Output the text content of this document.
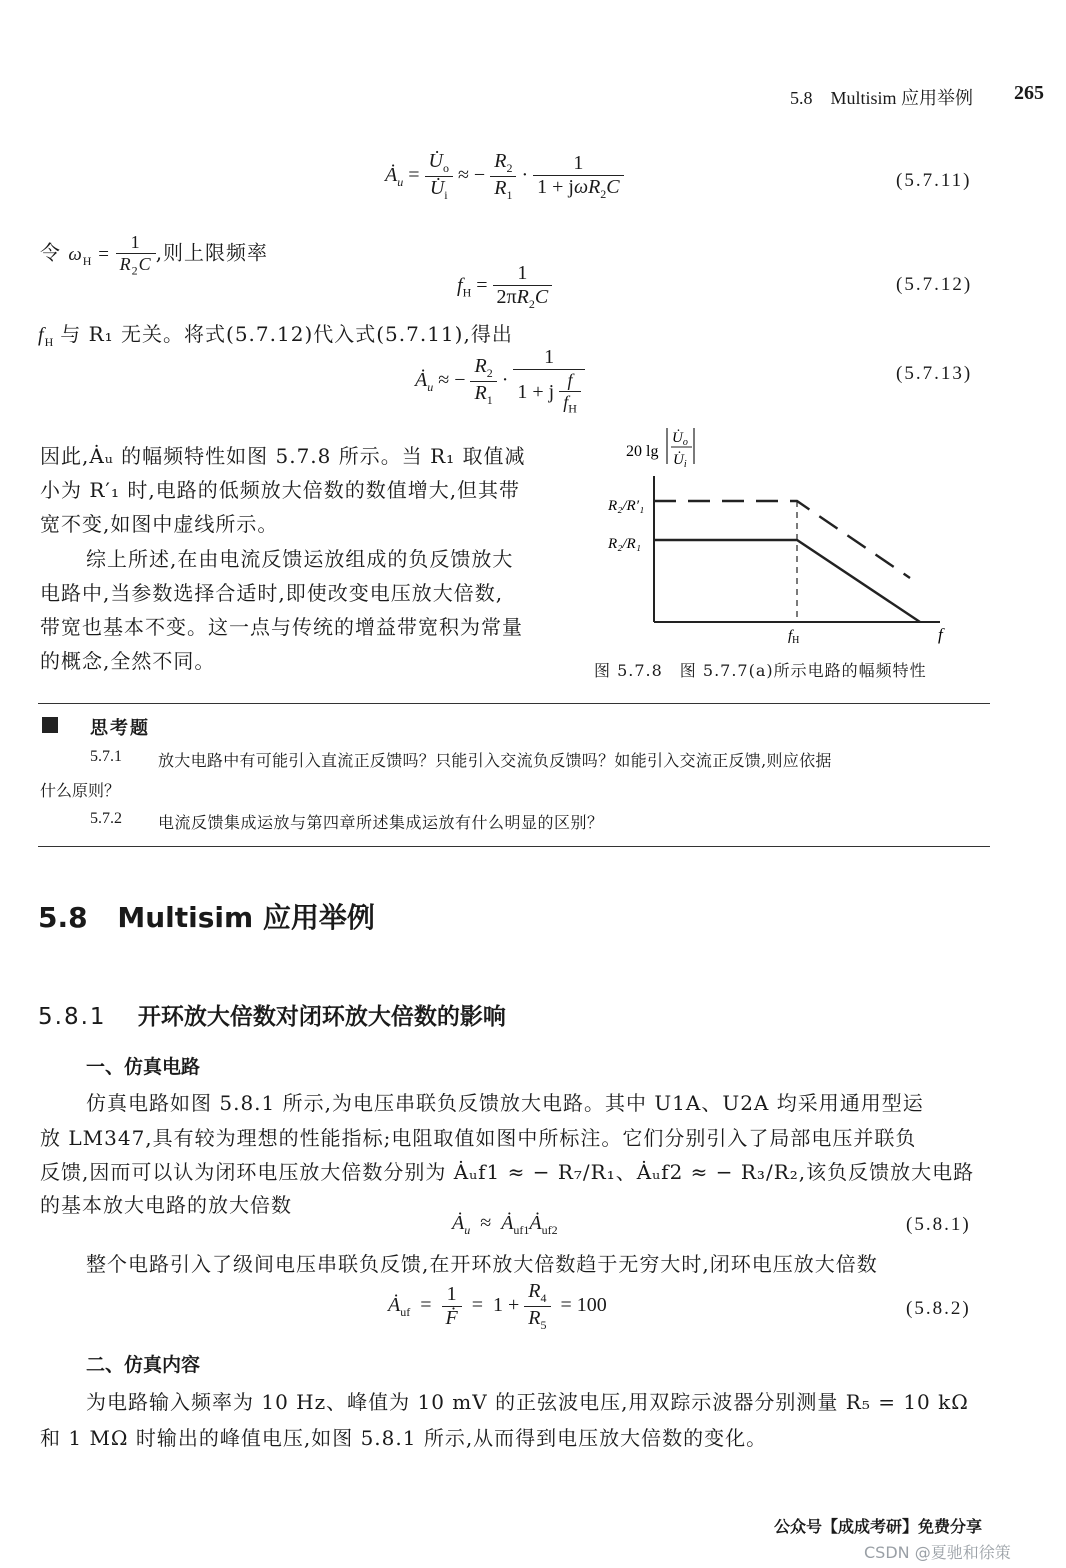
5.8　Multisim 应用举例 265
$Ȧ_u = \frac{U̇_o}{U̇_i}$ ≈ − $\frac{R_2}{R_1} \cdot \frac{1}{1 + j\omega R_2C}$	(5.7.11)
令 $\omega_H = \frac{1}{R_2C}$ ,则上限频率
$f_H = \frac{1}{2\pi R_2C}$	(5.7.12)
$f_H$ 与 R₁ 无关。将式(5.7.12)代入式(5.7.11),得出
$Ȧ_u$ ≈ − $\frac{R_2}{R_1} \cdot \frac{1}{1 + j \frac{f}{f_H}}$	(5.7.13)
因此,Ȧᵤ 的幅频特性如图 5.7.8 所示。当 R₁ 取值减
小为 R′₁ 时,电路的低频放大倍数的数值增大,但其带
宽不变,如图中虚线所示。
综上所述,在由电流反馈运放组成的负反馈放大
电路中,当参数选择合适时,即使改变电压放大倍数,
带宽也基本不变。这一点与传统的增益带宽积为常量
的概念,全然不同。
20 lg
$U̇_o$
$U̇_i$
R₂/R′₁
R₂/R₁
$f_H$	f
图 5.7.8　图 5.7.7(a)所示电路的幅频特性
思考题
5.7.1 放大电路中有可能引入直流正反馈吗？只能引入交流负反馈吗？如能引入交流正反馈,则应依据
什么原则？
5.7.2 电流反馈集成运放与第四章所述集成运放有什么明显的区别？
5.8 Multisim 应用举例
5.8.1 开环放大倍数对闭环放大倍数的影响
一、仿真电路
仿真电路如图 5.8.1 所示,为电压串联负反馈放大电路。其中 U1A、U2A 均采用通用型运
放 LM347,具有较为理想的性能指标;电阻取值如图中所标注。它们分别引入了局部电压并联负
反馈,因而可以认为闭环电压放大倍数分别为 Ȧᵤf1 ≈ − R₇/R₁、Ȧᵤf2 ≈ − R₃/R₂,该负反馈放大电路
的基本放大电路的放大倍数
$Ȧ_u$  ≈  $Ȧ_{uf1}Ȧ_{uf2}$	(5.8.1)
整个电路引入了级间电压串联负反馈,在开环放大倍数趋于无穷大时,闭环电压放大倍数
$Ȧ_{uf} = \frac{1}{\text{Ḟ}} = 1 + \frac{R_4}{R_5} = 100$	(5.8.2)
二、仿真内容
为电路输入频率为 10 Hz、峰值为 10 mV 的正弦波电压,用双踪示波器分别测量 R₅ = 10 kΩ
和 1 MΩ 时输出的峰值电压,如图 5.8.1 所示,从而得到电压放大倍数的变化。
公众号【成成考研】免费分享
CSDN @夏驰和徐策
